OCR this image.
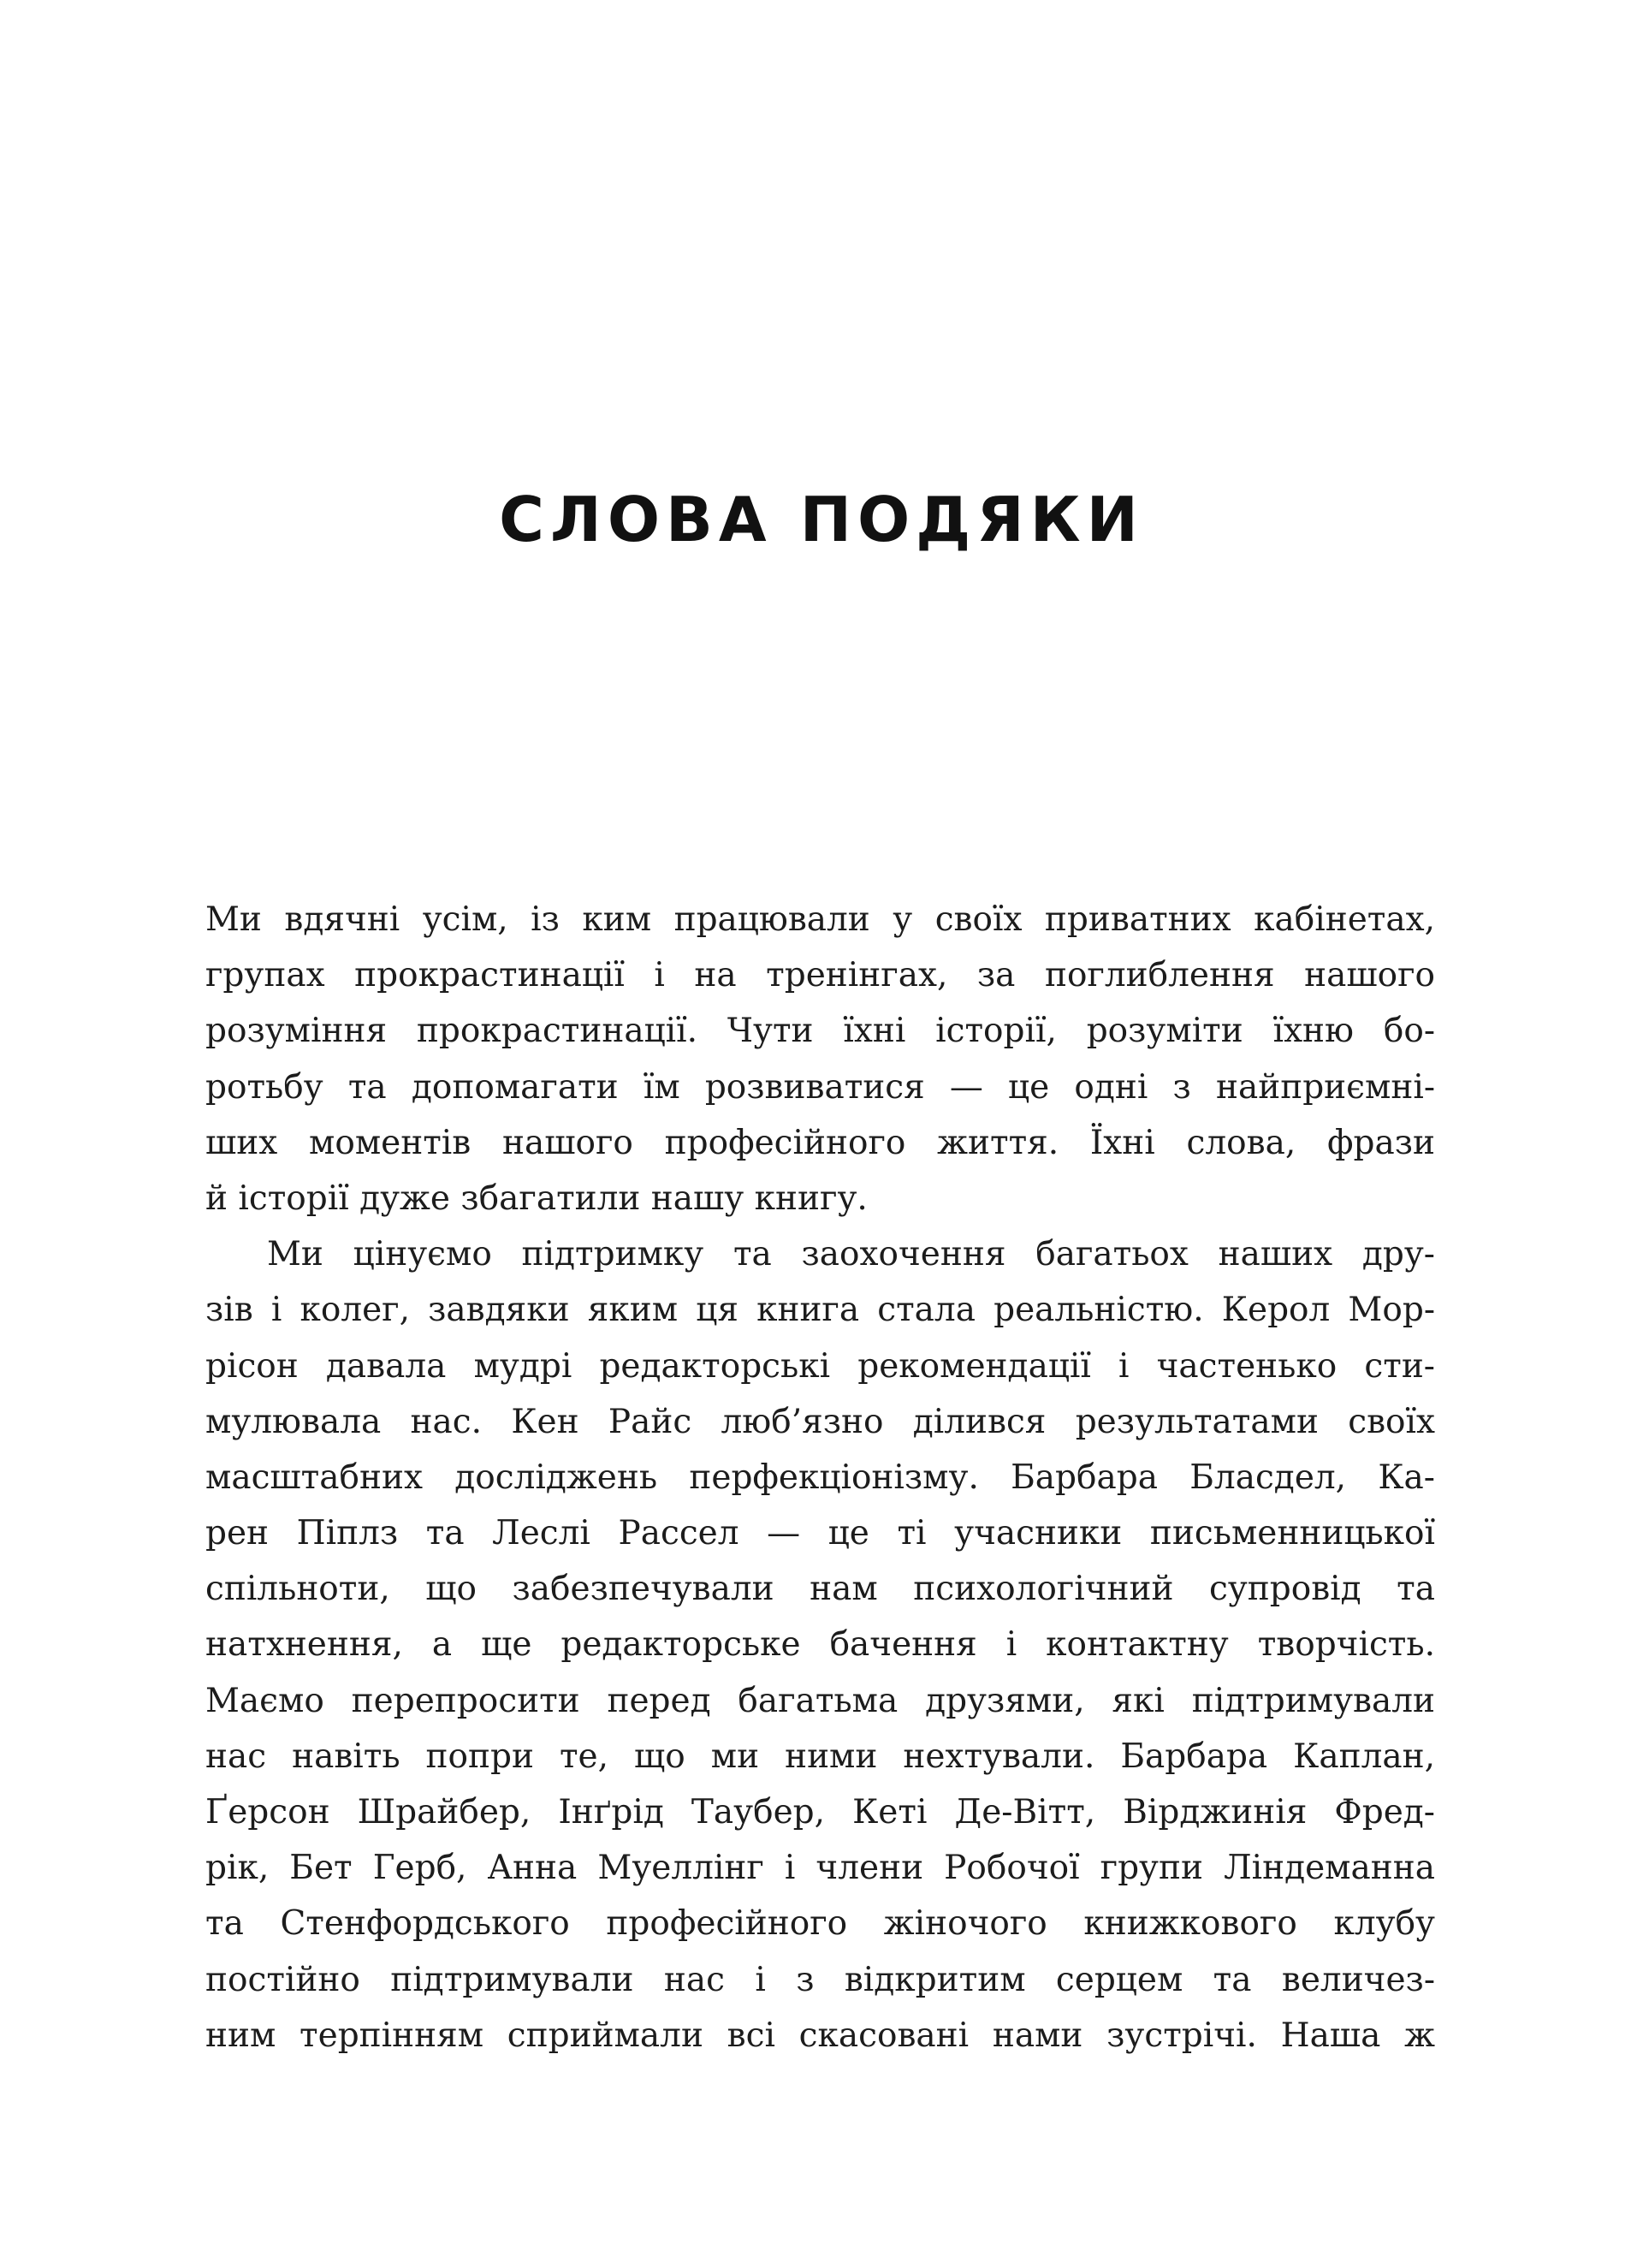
СЛОВА ПОДЯКИ
Ми вдячні усім, із ким працювали у своїх приватних кабінетах,
групах прокрастинації і на тренінгах, за поглиблення нашого
розуміння прокрастинації. Чути їхні історії, розуміти їхню бо-
ротьбу та допомагати їм розвиватися — це одні з найприємні-
ших моментів нашого професійного життя. Їхні слова, фрази
й історії дуже збагатили нашу книгу.
Ми цінуємо підтримку та заохочення багатьох наших дру-
зів і колег, завдяки яким ця книга стала реальністю. Керол Мор-
рісон давала мудрі редакторські рекомендації і частенько сти-
мулювала нас. Кен Райс люб’язно ділився результатами своїх
масштабних досліджень перфекціонізму. Барбара Бласдел, Ка-
рен Піплз та Леслі Рассел — це ті учасники письменницької
спільноти, що забезпечували нам психологічний супровід та
натхнення, а ще редакторське бачення і контактну творчість.
Маємо перепросити перед багатьма друзями, які підтримували
нас навіть попри те, що ми ними нехтували. Барбара Каплан,
Ґерсон Шрайбер, Інґрід Таубер, Кеті Де-Вітт, Вірджинія Фред-
рік, Бет Герб, Анна Муеллінг і члени Робочої групи Ліндеманна
та Стенфордського професійного жіночого книжкового клубу
постійно підтримували нас і з відкритим серцем та величез-
ним терпінням сприймали всі скасовані нами зустрічі. Наша ж
